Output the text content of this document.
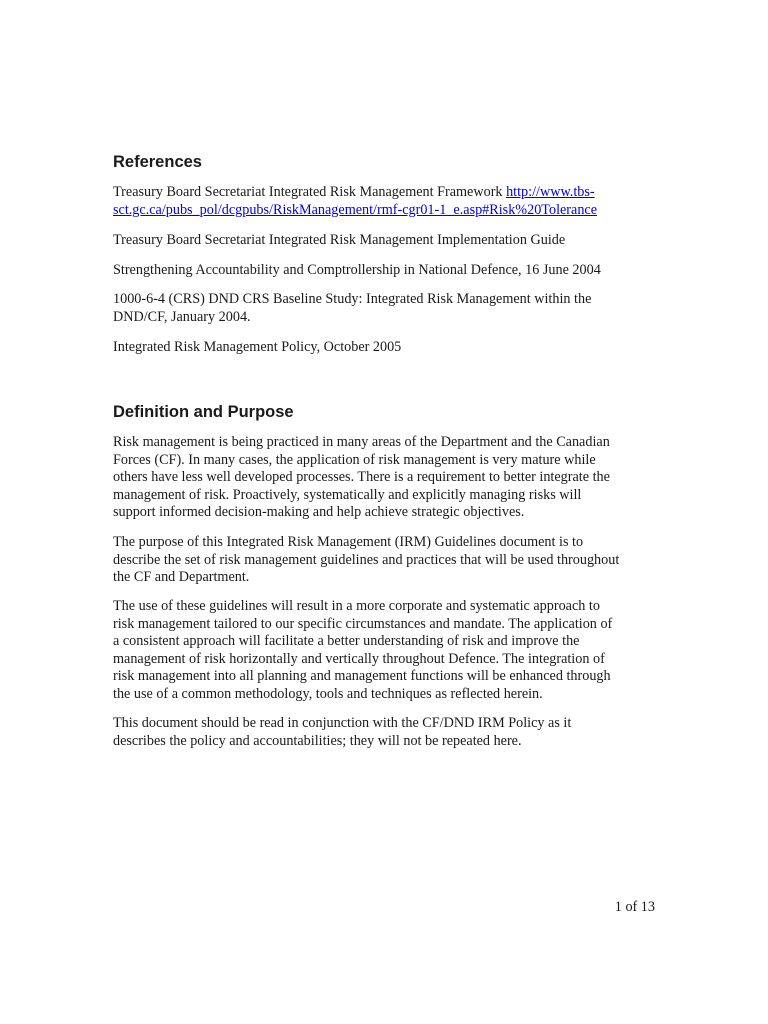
References

Treasury Board Secretariat Integrated Risk Management Framework http://www.tbs-
sct.gc.ca/pubs_pol/dcgpubs/RiskManagement/rmf-cgr01-1_e.asp#Risk%20Tolerance

Treasury Board Secretariat Integrated Risk Management Implementation Guide

Strengthening Accountability and Comptrollership in National Defence, 16 June 2004

1000-6-4 (CRS) DND CRS Baseline Study: Integrated Risk Management within the
DND/CF, January 2004.

Integrated Risk Management Policy, October 2005

Definition and Purpose

Risk management is being practiced in many areas of the Department and the Canadian
Forces (CF). In many cases, the application of risk management is very mature while
others have less well developed processes. There is a requirement to better integrate the
management of risk. Proactively, systematically and explicitly managing risks will
support informed decision-making and help achieve strategic objectives.

The purpose of this Integrated Risk Management (IRM) Guidelines document is to
describe the set of risk management guidelines and practices that will be used throughout
the CF and Department.

The use of these guidelines will result in a more corporate and systematic approach to
risk management tailored to our specific circumstances and mandate. The application of
a consistent approach will facilitate a better understanding of risk and improve the
management of risk horizontally and vertically throughout Defence. The integration of
risk management into all planning and management functions will be enhanced through
the use of a common methodology, tools and techniques as reflected herein.

This document should be read in conjunction with the CF/DND IRM Policy as it
describes the policy and accountabilities; they will not be repeated here.

1 of 13
